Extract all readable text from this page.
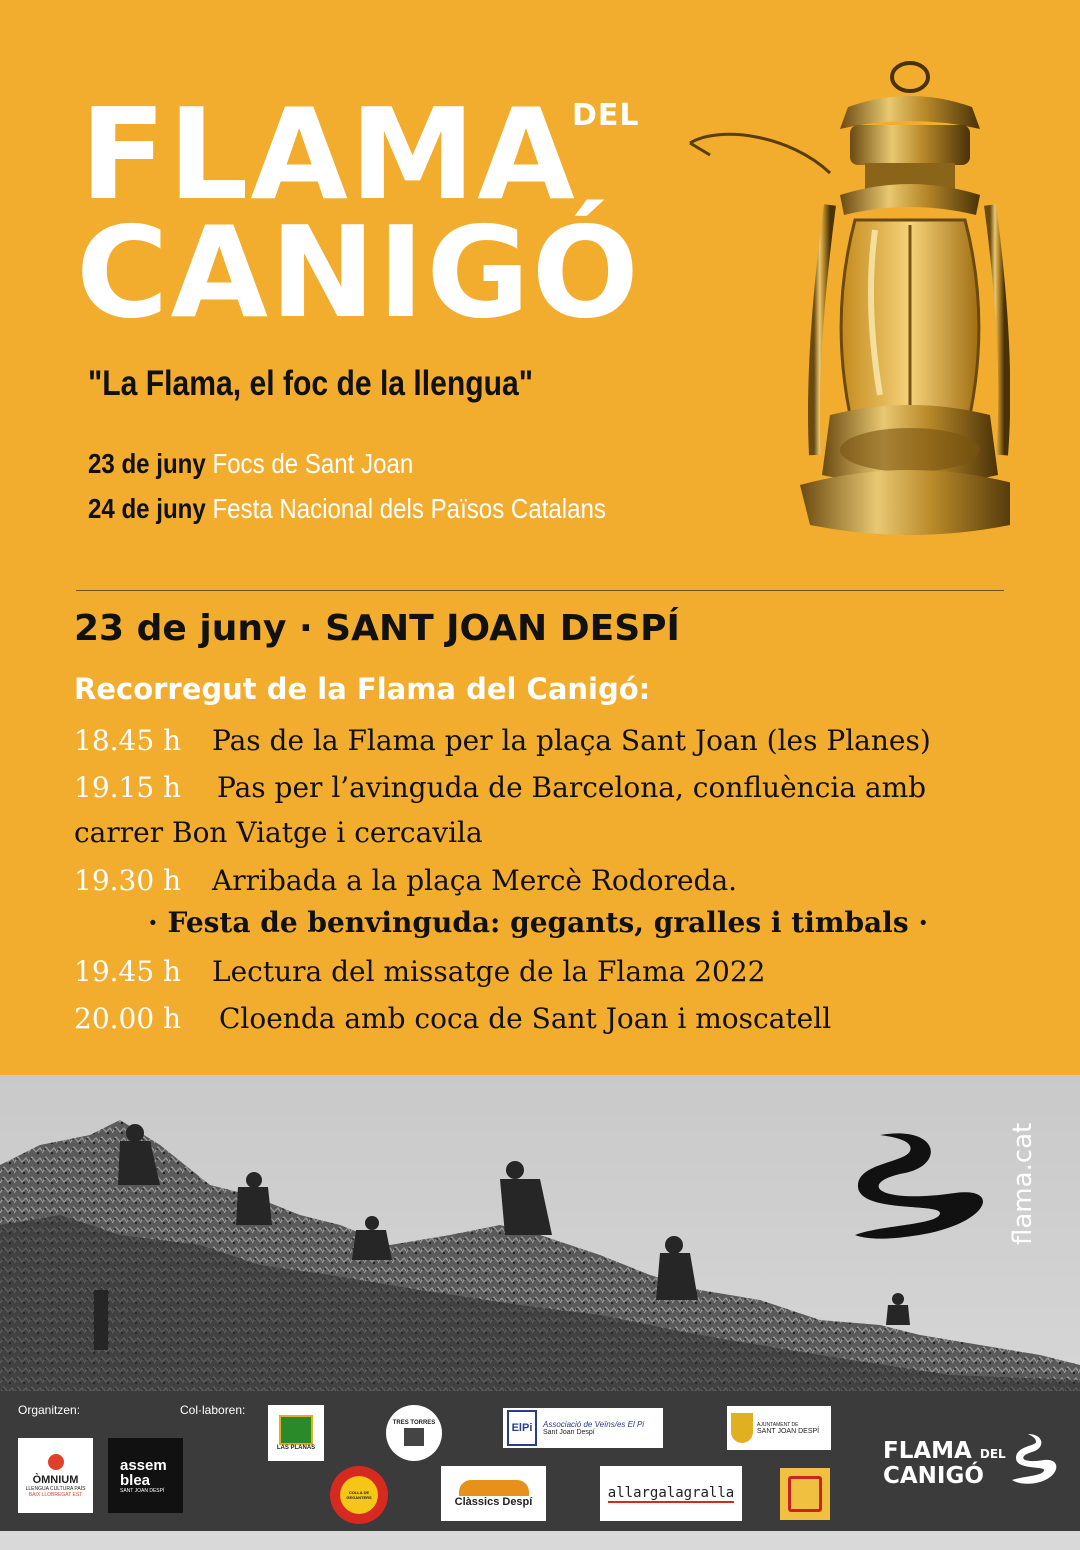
FLAMA
DEL
CANIGÓ
"La Flama, el foc de la llengua"
23 de juny Focs de Sant Joan
24 de juny Festa Nacional dels Països Catalans
23 de juny · SANT JOAN DESPÍ
Recorregut de la Flama del Canigó:
18.45 h Pas de la Flama per la plaça Sant Joan (les Planes)
19.15 h Pas per l’avinguda de Barcelona, confluència amb
carrer Bon Viatge i cercavila
19.30 h Arribada a la plaça Mercè Rodoreda.
· Festa de benvinguda: gegants, gralles i timbals ·
19.45 h Lectura del missatge de la Flama 2022
20.00 h Cloenda amb coca de Sant Joan i moscatell
flama.cat
Organitzen:	Col·laboren:
ÒMNIUM
LLENGUA CULTURA PAÍS
BAIX LLOBREGAT EST
assem
blea
SANT JOAN DESPÍ
LAS PLANAS
TRES TORRES	ElPi	Associació de Veïns/es El Pi
Sant Joan Despí
AJUNTAMENT DE
SANT JOAN DESPÍ
COLLA DE GEGANTERS	Clàssics Despí
allargalagralla
FLAMA DEL
CANIGÓ
